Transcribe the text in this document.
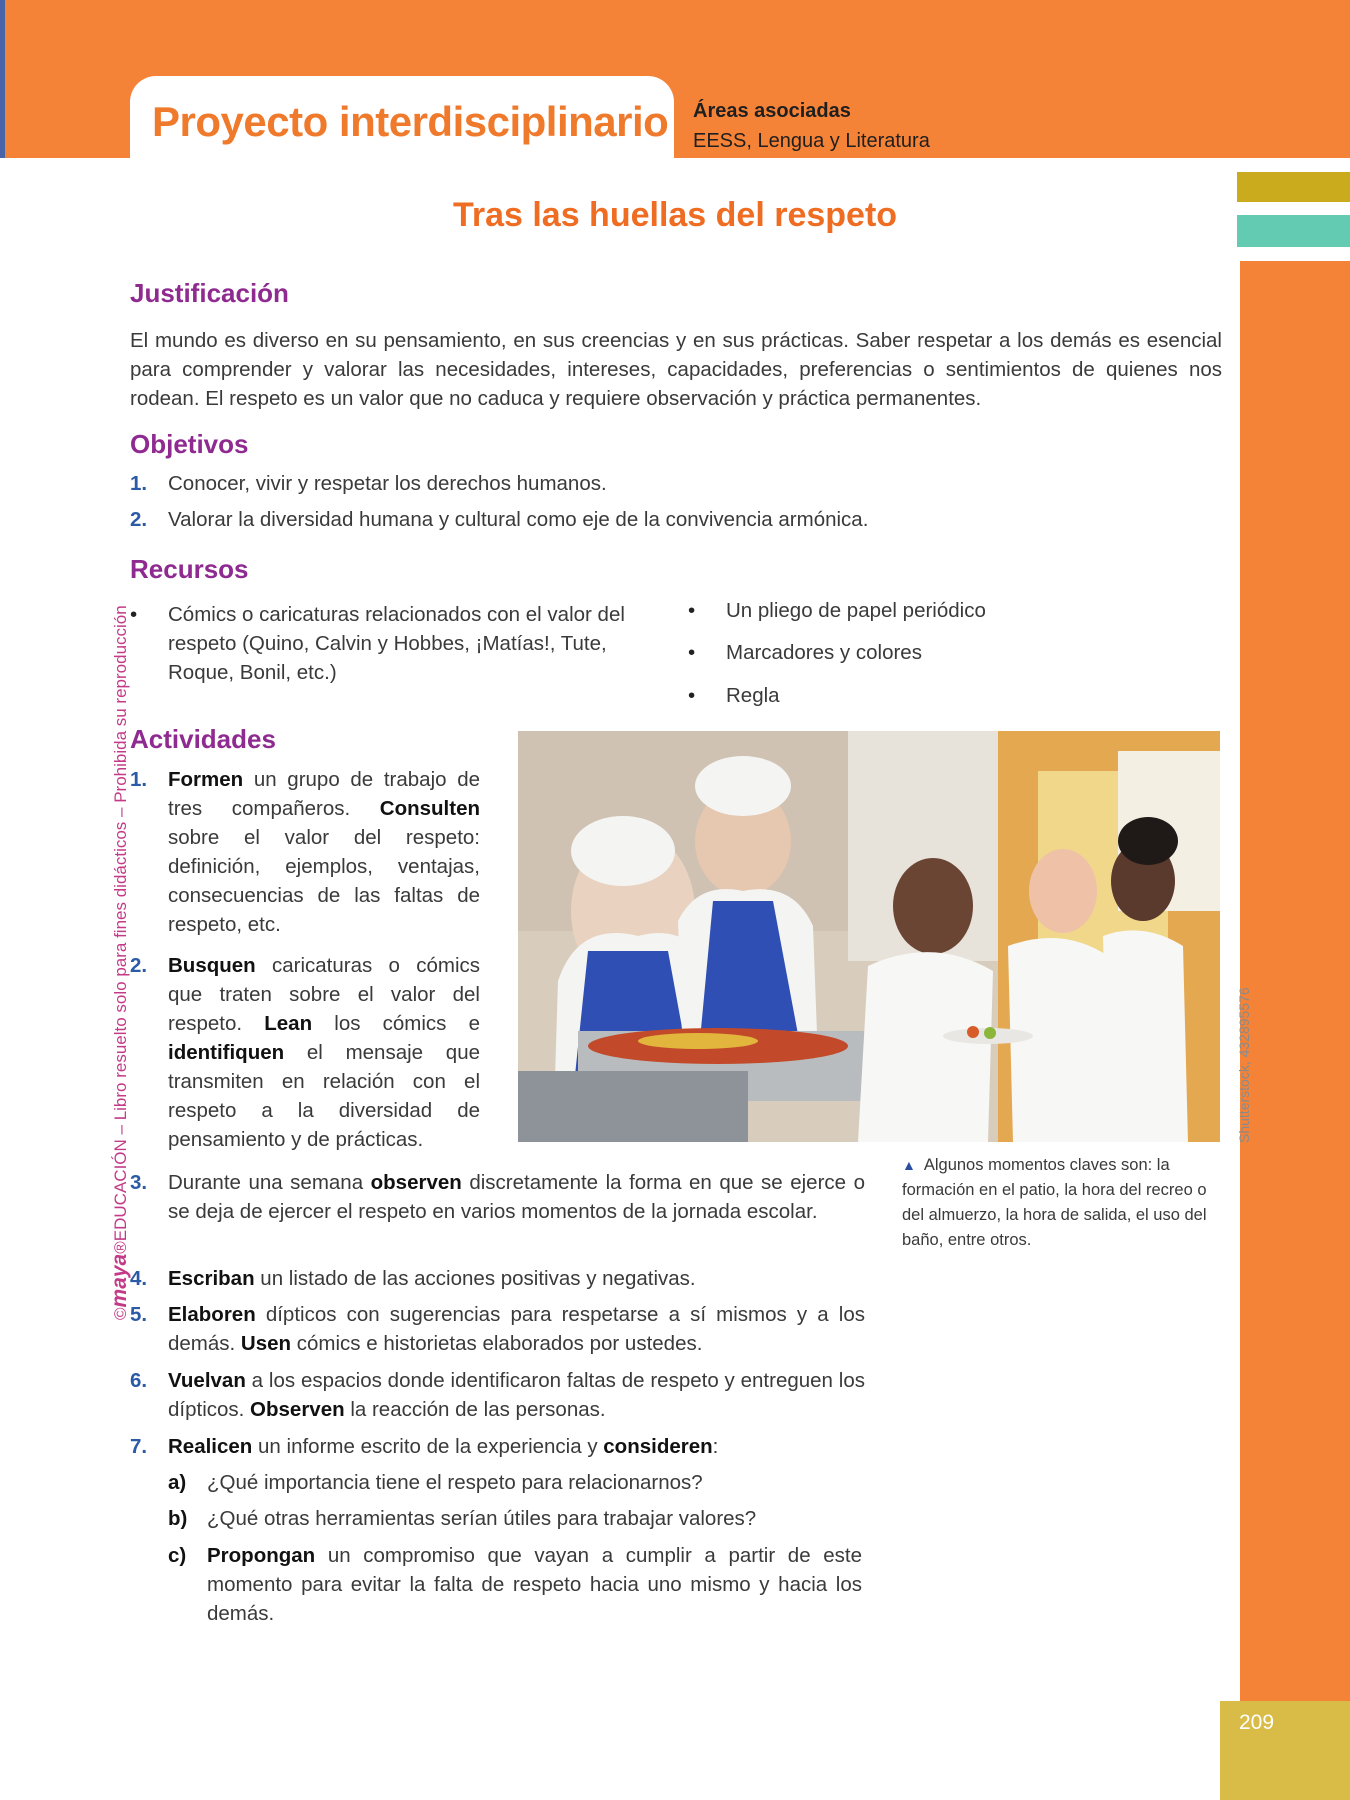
Proyecto interdisciplinario Áreas asociadas
EESS, Lengua y Literatura
209
©maya®EDUCACIÓN – Libro resuelto solo para fines didácticos – Prohibida su reproducción
Tras las huellas del respeto
Justificación

El mundo es diverso en su pensamiento, en sus creencias y en sus prácticas. Saber respetar a los demás es esencial para comprender y valorar las necesidades, intereses, capacidades, preferencias o sentimientos de quienes nos rodean. El respeto es un valor que no caduca y requiere observación y práctica permanentes.

Objetivos
1. Conocer, vivir y respetar los derechos humanos.
2. Valorar la diversidad humana y cultural como eje de la convivencia armónica.
Recursos
• Cómics o caricaturas relacionados con el valor del respeto (Quino, Calvin y Hobbes, ¡Matías!, Tute, Roque, Bonil, etc.)
• Un pliego de papel periódico
• Marcadores y colores
• Regla
Actividades
1. Formen un grupo de trabajo de tres compañeros. Consulten sobre el valor del respeto: definición, ejemplos, ventajas, consecuencias de las faltas de respeto, etc.
2. Busquen caricaturas o cómics que traten sobre el valor del respeto. Lean los cómics e identifiquen el mensaje que transmiten en relación con el respeto a la diversidad de pensamiento y de prácticas.
3. Durante una semana observen discretamente la forma en que se ejerce o se deja de ejercer el respeto en varios momentos de la jornada escolar.
4. Escriban un listado de las acciones positivas y negativas.
5. Elaboren dípticos con sugerencias para respetarse a sí mismos y a los demás. Usen cómics e historietas elaborados por ustedes.
6. Vuelvan a los espacios donde identificaron faltas de respeto y entreguen los dípticos. Observen la reacción de las personas.
7. Realicen un informe escrito de la experiencia y consideren:
a) ¿Qué importancia tiene el respeto para relacionarnos?
b) ¿Qué otras herramientas serían útiles para trabajar valores?
c) Propongan un compromiso que vayan a cumplir a partir de este momento para evitar la falta de respeto hacia uno mismo y hacia los demás.
Shutterstock, 432895576
▲ Algunos momentos claves son: la formación en el patio, la hora del recreo o del almuerzo, la hora de salida, el uso del baño, entre otros.
